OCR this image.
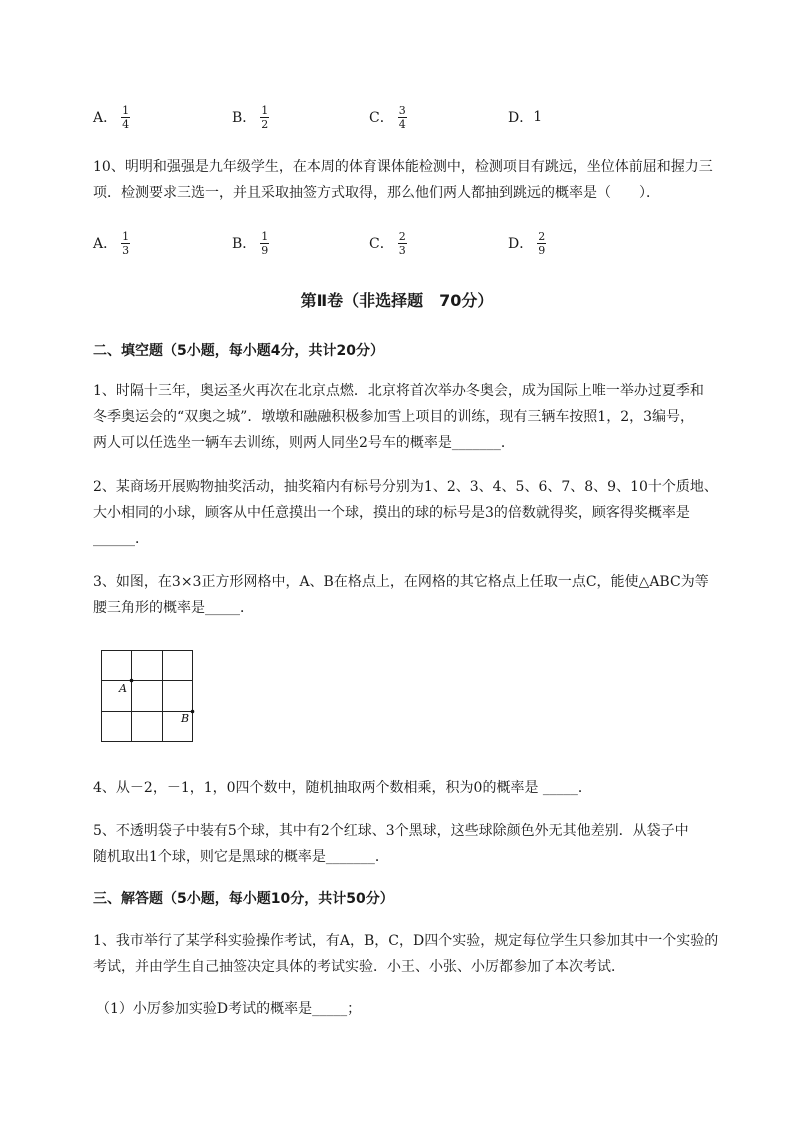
A． $\frac{1}{4}$	B． $\frac{1}{2}$	C． $\frac{3}{4}$	D． 1
10、明明和强强是九年级学生，在本周的体育课体能检测中，检测项目有跳远，坐位体前屈和握力三
项．检测要求三选一，并且采取抽签方式取得，那么他们两人都抽到跳远的概率是（　　）．
A． $\frac{1}{3}$	B． $\frac{1}{9}$	C． $\frac{2}{3}$	D． $\frac{2}{9}$
第Ⅱ卷（非选择题　70分）
二、填空题（5小题，每小题4分，共计20分）
1、时隔十三年，奥运圣火再次在北京点燃．北京将首次举办冬奥会，成为国际上唯一举办过夏季和
冬季奥运会的“双奥之城”．墩墩和融融积极参加雪上项目的训练，现有三辆车按照1，2，3编号，
两人可以任选坐一辆车去训练，则两人同坐2号车的概率是_______．
2、某商场开展购物抽奖活动，抽奖箱内有标号分别为1、2、3、4、5、6、7、8、9、10十个质地、
大小相同的小球，顾客从中任意摸出一个球，摸出的球的标号是3的倍数就得奖，顾客得奖概率是
______．
3、如图，在3×3正方形网格中，A、B在格点上，在网格的其它格点上任取一点C，能使△ABC为等
腰三角形的概率是_____．
A
B
4、从－2，－1，1，0四个数中，随机抽取两个数相乘，积为0的概率是 _____．
5、不透明袋子中装有5个球，其中有2个红球、3个黑球，这些球除颜色外无其他差别．从袋子中
随机取出1个球，则它是黑球的概率是_______．
三、解答题（5小题，每小题10分，共计50分）
1、我市举行了某学科实验操作考试，有A，B，C，D四个实验，规定每位学生只参加其中一个实验的
考试，并由学生自己抽签决定具体的考试实验．小王、小张、小厉都参加了本次考试．
（1）小厉参加实验D考试的概率是_____；
